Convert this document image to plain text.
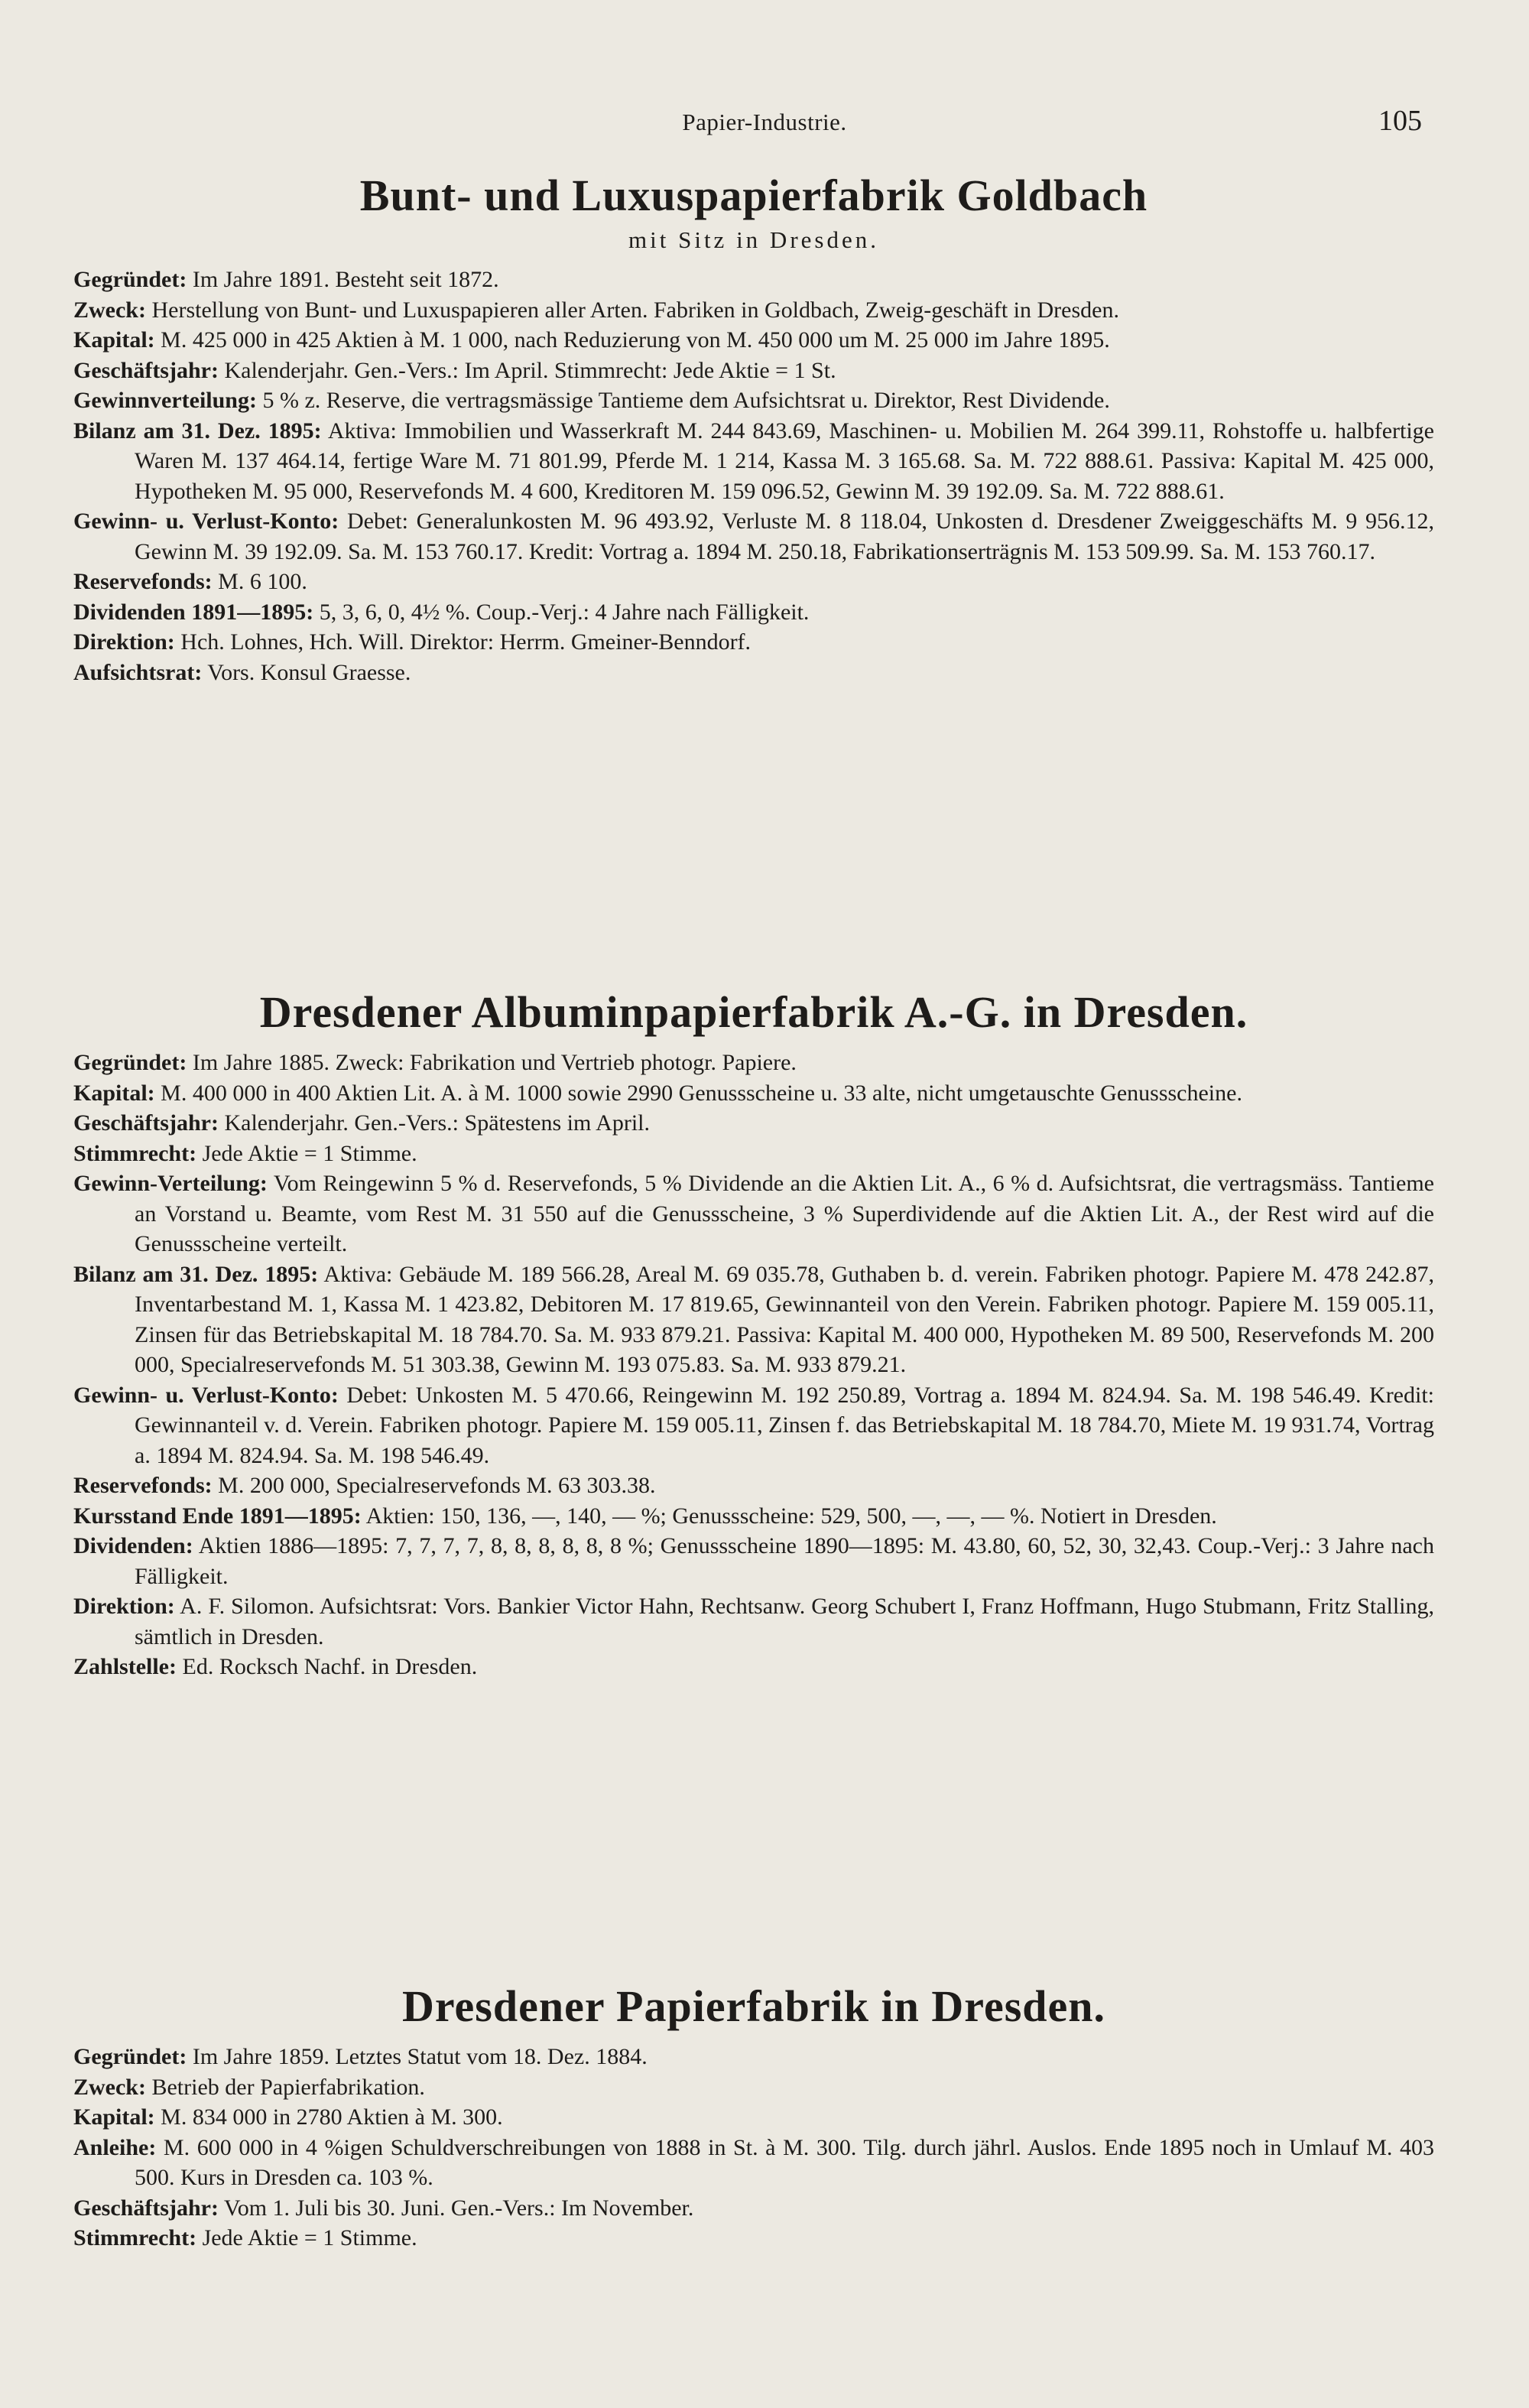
Papier-Industrie.	105
Bunt- und Luxuspapierfabrik Goldbach
mit Sitz in Dresden.

Gegründet: Im Jahre 1891. Besteht seit 1872.

Zweck: Herstellung von Bunt- und Luxuspapieren aller Arten. Fabriken in Goldbach, Zweig-geschäft in Dresden.

Kapital: M. 425 000 in 425 Aktien à M. 1 000, nach Reduzierung von M. 450 000 um M. 25 000 im Jahre 1895.

Geschäftsjahr: Kalenderjahr. Gen.-Vers.: Im April. Stimmrecht: Jede Aktie = 1 St.

Gewinnverteilung: 5 % z. Reserve, die vertragsmässige Tantieme dem Aufsichtsrat u. Direktor, Rest Dividende.

Bilanz am 31. Dez. 1895: Aktiva: Immobilien und Wasserkraft M. 244 843.69, Maschinen- u. Mobilien M. 264 399.11, Rohstoffe u. halbfertige Waren M. 137 464.14, fertige Ware M. 71 801.99, Pferde M. 1 214, Kassa M. 3 165.68. Sa. M. 722 888.61. Passiva: Kapital M. 425 000, Hypotheken M. 95 000, Reservefonds M. 4 600, Kreditoren M. 159 096.52, Gewinn M. 39 192.09. Sa. M. 722 888.61.

Gewinn- u. Verlust-Konto: Debet: Generalunkosten M. 96 493.92, Verluste M. 8 118.04, Unkosten d. Dresdener Zweiggeschäfts M. 9 956.12, Gewinn M. 39 192.09. Sa. M. 153 760.17. Kredit: Vortrag a. 1894 M. 250.18, Fabrikationserträgnis M. 153 509.99. Sa. M. 153 760.17.

Reservefonds: M. 6 100.

Dividenden 1891—1895: 5, 3, 6, 0, 4½ %. Coup.-Verj.: 4 Jahre nach Fälligkeit.

Direktion: Hch. Lohnes, Hch. Will. Direktor: Herrm. Gmeiner-Benndorf.

Aufsichtsrat: Vors. Konsul Graesse.

Dresdener Albuminpapierfabrik A.-G. in Dresden.

Gegründet: Im Jahre 1885. Zweck: Fabrikation und Vertrieb photogr. Papiere.

Kapital: M. 400 000 in 400 Aktien Lit. A. à M. 1000 sowie 2990 Genussscheine u. 33 alte, nicht umgetauschte Genussscheine.

Geschäftsjahr: Kalenderjahr. Gen.-Vers.: Spätestens im April.

Stimmrecht: Jede Aktie = 1 Stimme.

Gewinn-Verteilung: Vom Reingewinn 5 % d. Reservefonds, 5 % Dividende an die Aktien Lit. A., 6 % d. Aufsichtsrat, die vertragsmäss. Tantieme an Vorstand u. Beamte, vom Rest M. 31 550 auf die Genussscheine, 3 % Superdividende auf die Aktien Lit. A., der Rest wird auf die Genussscheine verteilt.

Bilanz am 31. Dez. 1895: Aktiva: Gebäude M. 189 566.28, Areal M. 69 035.78, Guthaben b. d. verein. Fabriken photogr. Papiere M. 478 242.87, Inventarbestand M. 1, Kassa M. 1 423.82, Debitoren M. 17 819.65, Gewinnanteil von den Verein. Fabriken photogr. Papiere M. 159 005.11, Zinsen für das Betriebskapital M. 18 784.70. Sa. M. 933 879.21. Passiva: Kapital M. 400 000, Hypotheken M. 89 500, Reservefonds M. 200 000, Specialreservefonds M. 51 303.38, Gewinn M. 193 075.83. Sa. M. 933 879.21.

Gewinn- u. Verlust-Konto: Debet: Unkosten M. 5 470.66, Reingewinn M. 192 250.89, Vortrag a. 1894 M. 824.94. Sa. M. 198 546.49. Kredit: Gewinnanteil v. d. Verein. Fabriken photogr. Papiere M. 159 005.11, Zinsen f. das Betriebskapital M. 18 784.70, Miete M. 19 931.74, Vortrag a. 1894 M. 824.94. Sa. M. 198 546.49.

Reservefonds: M. 200 000, Specialreservefonds M. 63 303.38.

Kursstand Ende 1891—1895: Aktien: 150, 136, —, 140, — %; Genussscheine: 529, 500, —, —, — %. Notiert in Dresden.

Dividenden: Aktien 1886—1895: 7, 7, 7, 7, 8, 8, 8, 8, 8, 8 %; Genussscheine 1890—1895: M. 43.80, 60, 52, 30, 32,43. Coup.-Verj.: 3 Jahre nach Fälligkeit.

Direktion: A. F. Silomon. Aufsichtsrat: Vors. Bankier Victor Hahn, Rechtsanw. Georg Schubert I, Franz Hoffmann, Hugo Stubmann, Fritz Stalling, sämtlich in Dresden.

Zahlstelle: Ed. Rocksch Nachf. in Dresden.

Dresdener Papierfabrik in Dresden.

Gegründet: Im Jahre 1859. Letztes Statut vom 18. Dez. 1884.

Zweck: Betrieb der Papierfabrikation.

Kapital: M. 834 000 in 2780 Aktien à M. 300.

Anleihe: M. 600 000 in 4 %igen Schuldverschreibungen von 1888 in St. à M. 300. Tilg. durch jährl. Auslos. Ende 1895 noch in Umlauf M. 403 500. Kurs in Dresden ca. 103 %.

Geschäftsjahr: Vom 1. Juli bis 30. Juni. Gen.-Vers.: Im November.

Stimmrecht: Jede Aktie = 1 Stimme.
